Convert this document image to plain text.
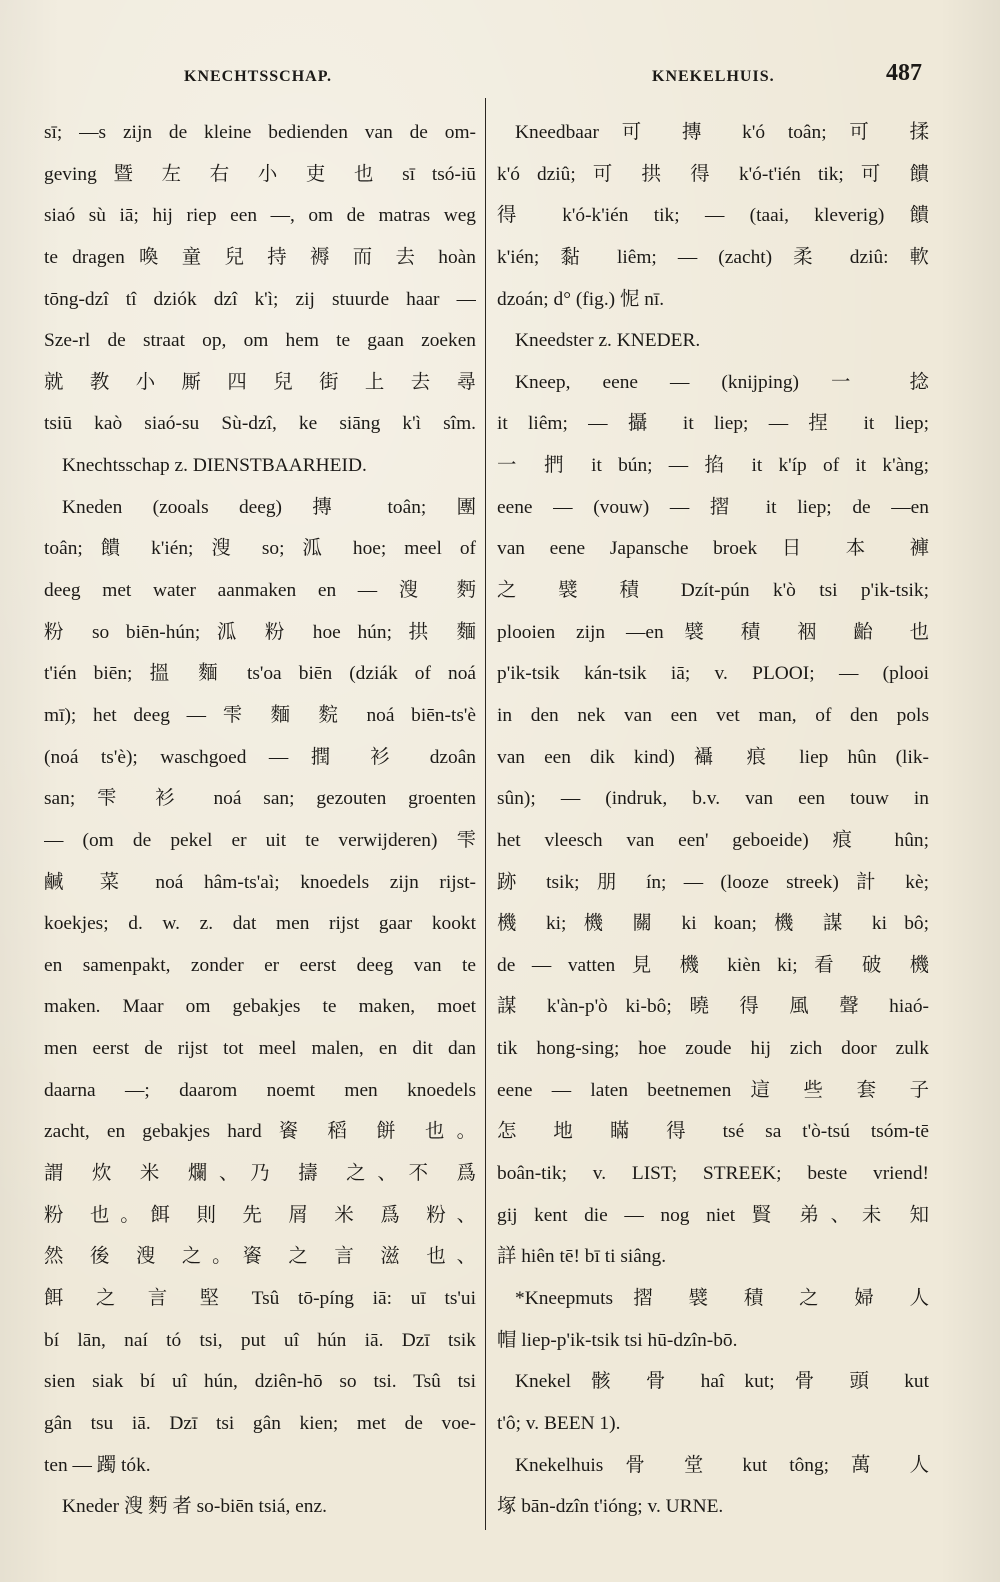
KNECHTSSCHAP.	KNEKELHUIS.	487
sī; —s zijn de kleine bedienden van de om-
geving 暨 左 右 小 吏 也 sī tsó-iū
siaó sù iā; hij riep een —, om de matras weg
te dragen 喚 童 兒 持 褥 而 去 hoàn
tōng-dzî tî dziók dzî k'ì; zij stuurde haar —
Sze-rl de straat op, om hem te gaan zoeken
就 教 小 厮 四 兒 街 上 去 尋
tsiū kaò siaó-su Sù-dzî, ke siāng k'ì sîm.
Knechtsschap z. DIENSTBAARHEID.
Kneden (zooals deeg) 摶 toân; 團
toân; 饋 k'ién; 溲 so; 泒 hoe; meel of
deeg met water aanmaken en — 溲 麪
粉 so biēn-hún; 泒 粉 hoe hún; 拱 麵
t'ién biēn; 搵 麵 ts'oa biēn (dziák of noá
mī); het deeg — 雫 麵 䴷 noá biēn-ts'è
(noá ts'è); waschgoed — 撋 衫 dzoân
san; 雫 衫 noá san; gezouten groenten
— (om de pekel er uit te verwijderen) 雫
鹹 菜 noá hâm-ts'aì; knoedels zijn rijst-
koekjes; d. w. z. dat men rijst gaar kookt
en samenpakt, zonder er eerst deeg van te
maken. Maar om gebakjes te maken, moet
men eerst de rijst tot meel malen, en dit dan
daarna —; daarom noemt men knoedels
zacht, en gebakjes hard 餈 稻 餅 也。
謂 炊 米 爛、乃 擣 之、不 爲
粉 也。餌 則 先 屑 米 爲 粉、
然 後 溲 之。餈 之 言 滋 也、
餌 之 言 堅 Tsû tō-píng iā: uī ts'ui
bí lān, naí tó tsi, put uî hún iā. Dzī tsik
sien siak bí uî hún, dziên-hō so tsi. Tsû tsi
gân tsu iā. Dzī tsi gân kien; met de voe-
ten — 躅 tók.
Kneder 溲 麪 者 so-biēn tsiá, enz.
Kneedbaar 可 摶 k'ó toân; 可 揉
k'ó dziû; 可 拱 得 k'ó-t'ién tik; 可 饋
得 k'ó-k'ién tik; — (taai, kleverig) 饋
k'ién; 黏 liêm; — (zacht) 柔 dziû: 軟
dzoán; d° (fig.) 怩 nī.
Kneedster z. KNEDER.
Kneep, eene — (knijping) 一 捻
it liêm; — 攝 it liep; — 捏 it liep;
一 捫 it bún; — 掐 it k'íp of it k'àng;
eene — (vouw) — 摺 it liep; de —en
van eene Japansche broek 日 本 褲
之 襞 積 Dzít-pún k'ò tsi p'ik-tsik;
plooien zijn —en 襞 積 裀 齝 也
p'ik-tsik kán-tsik iā; v. PLOOI; — (plooi
in den nek van een vet man, of den pols
van een dik kind) 襵 痕 liep hûn (lik-
sûn); — (indruk, b.v. van een touw in
het vleesch van een' geboeide) 痕 hûn;
跡 tsik; 朋 ín; — (looze streek) 計 kè;
機 ki; 機 關 ki koan; 機 謀 ki bô;
de — vatten 見 機 kièn ki; 看 破 機
謀 k'àn-p'ò ki-bô; 曉 得 風 聲 hiaó-
tik hong-sing; hoe zoude hij zich door zulk
eene — laten beetnemen 這 些 套 子
怎 地 瞞 得 tsé sa t'ò-tsú tsóm-tē
boân-tik; v. LIST; STREEK; beste vriend!
gij kent die — nog niet 賢 弟、未 知
詳 hiên tē! bī ti siâng.
*Kneepmuts 摺 襞 積 之 婦 人
帽 liep-p'ik-tsik tsi hū-dzîn-bō.
Knekel 骸 骨 haî kut; 骨 頭 kut
t'ô; v. BEEN 1).
Knekelhuis 骨 堂 kut tông; 萬 人
塚 bān-dzîn t'ióng; v. URNE.
